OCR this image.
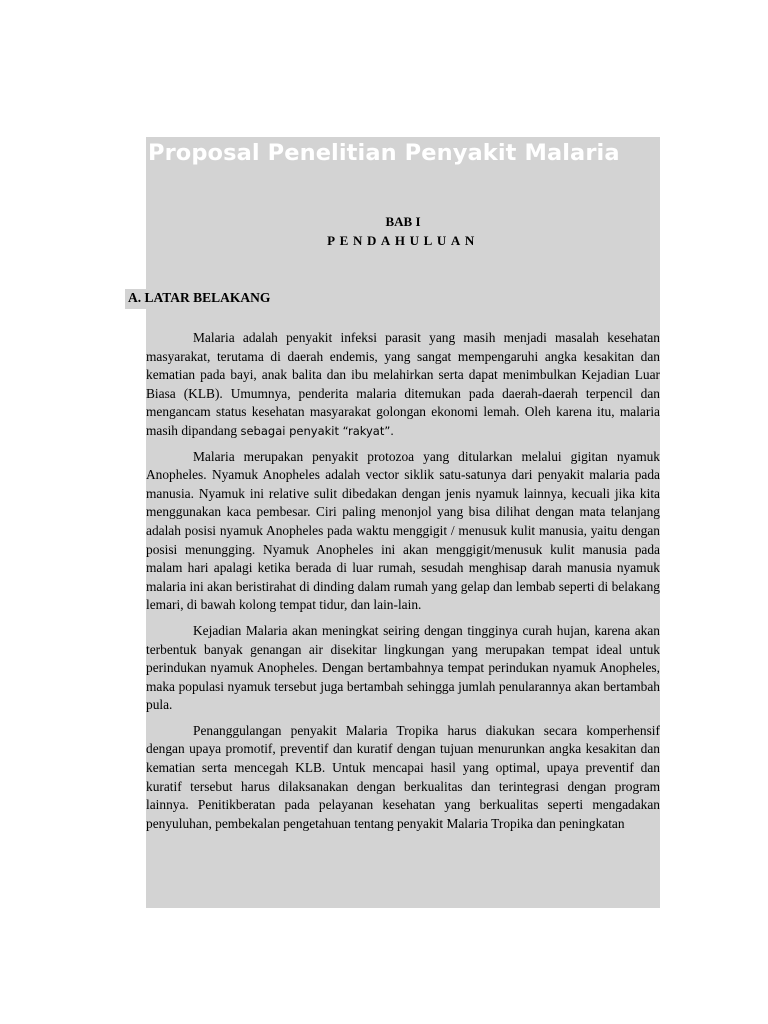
Proposal Penelitian Penyakit Malaria
BAB I
PENDAHULUAN
A. LATAR BELAKANG

Malaria adalah penyakit infeksi parasit yang masih menjadi masalah kesehatan masyarakat, terutama di daerah endemis, yang sangat mempengaruhi angka kesakitan dan kematian pada bayi, anak balita dan ibu melahirkan serta dapat menimbulkan Kejadian Luar Biasa (KLB). Umumnya, penderita malaria ditemukan pada daerah-daerah terpencil dan mengancam status kesehatan masyarakat golongan ekonomi lemah. Oleh karena itu, malaria masih dipandang sebagai penyakit “rakyat”.

Malaria merupakan penyakit protozoa yang ditularkan melalui gigitan nyamuk Anopheles. Nyamuk Anopheles adalah vector siklik satu-satunya dari penyakit malaria pada manusia. Nyamuk ini relative sulit dibedakan dengan jenis nyamuk lainnya, kecuali jika kita menggunakan kaca pembesar. Ciri paling menonjol yang bisa dilihat dengan mata telanjang adalah posisi nyamuk Anopheles pada waktu menggigit / menusuk kulit manusia, yaitu dengan posisi menungging. Nyamuk Anopheles ini akan menggigit/menusuk kulit manusia pada malam hari apalagi ketika berada di luar rumah, sesudah menghisap darah manusia nyamuk malaria ini akan beristirahat di dinding dalam rumah yang gelap dan lembab seperti di belakang lemari, di bawah kolong tempat tidur, dan lain-lain.

Kejadian Malaria akan meningkat seiring dengan tingginya curah hujan, karena akan terbentuk banyak genangan air disekitar lingkungan yang merupakan tempat ideal untuk perindukan nyamuk Anopheles. Dengan bertambahnya tempat perindukan nyamuk Anopheles, maka populasi nyamuk tersebut juga bertambah sehingga jumlah penularannya akan bertambah pula.

Penanggulangan penyakit Malaria Tropika harus diakukan secara komperhensif dengan upaya promotif, preventif dan kuratif dengan tujuan menurunkan angka kesakitan dan kematian serta mencegah KLB. Untuk mencapai hasil yang optimal, upaya preventif dan kuratif tersebut harus dilaksanakan dengan berkualitas dan terintegrasi dengan program lainnya. Penitikberatan pada pelayanan kesehatan yang berkualitas seperti mengadakan penyuluhan, pembekalan pengetahuan tentang penyakit Malaria Tropika dan peningkatan
